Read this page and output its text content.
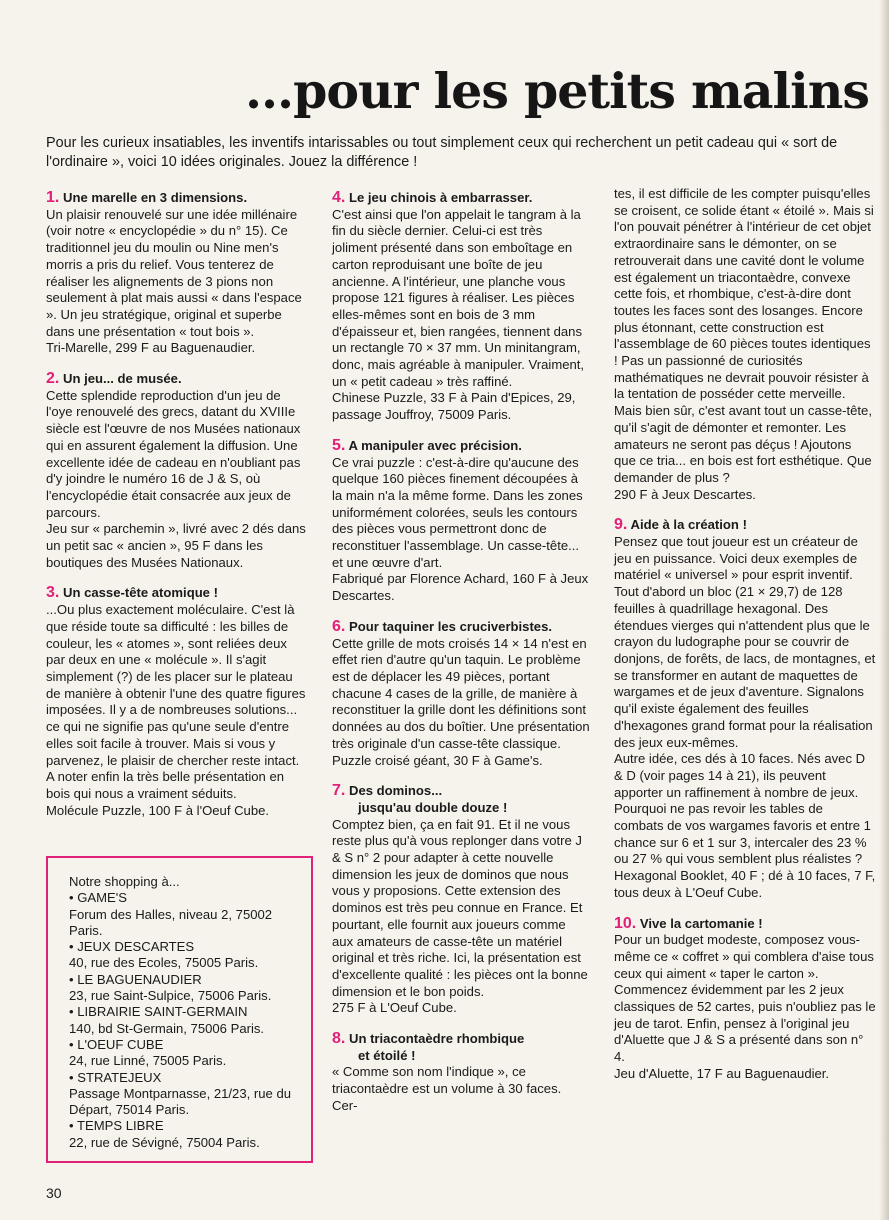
...pour les petits malins

Pour les curieux insatiables, les inventifs intarissables ou tout simplement ceux qui recherchent un petit cadeau qui « sort de l'ordinaire », voici 10 idées originales. Jouez la différence !

1. Une marelle en 3 dimensions.

Un plaisir renouvelé sur une idée millénaire (voir notre « encyclopédie » du n° 15). Ce traditionnel jeu du moulin ou Nine men's morris a pris du relief. Vous tenterez de réaliser les alignements de 3 pions non seulement à plat mais aussi « dans l'espace ». Un jeu stratégique, original et superbe dans une présentation « tout bois ».

Tri-Marelle, 299 F au Baguenaudier.

2. Un jeu... de musée.

Cette splendide reproduction d'un jeu de l'oye renouvelé des grecs, datant du XVIIIe siècle est l'œuvre de nos Musées nationaux qui en assurent également la diffusion. Une excellente idée de cadeau en n'oubliant pas d'y joindre le numéro 16 de J & S, où l'encyclopédie était consacrée aux jeux de parcours.

Jeu sur « parchemin », livré avec 2 dés dans un petit sac « ancien », 95 F dans les boutiques des Musées Nationaux.

3. Un casse-tête atomique !

...Ou plus exactement moléculaire. C'est là que réside toute sa difficulté : les billes de couleur, les « atomes », sont reliées deux par deux en une « molécule ». Il s'agit simplement (?) de les placer sur le plateau de manière à obtenir l'une des quatre figures imposées. Il y a de nombreuses solutions... ce qui ne signifie pas qu'une seule d'entre elles soit facile à trouver. Mais si vous y parvenez, le plaisir de chercher reste intact. A noter enfin la très belle présentation en bois qui nous a vraiment séduits.

Molécule Puzzle, 100 F à l'Oeuf Cube.

4. Le jeu chinois à embarrasser.

C'est ainsi que l'on appelait le tangram à la fin du siècle dernier. Celui-ci est très joliment présenté dans son emboîtage en carton reproduisant une boîte de jeu ancienne. A l'intérieur, une planche vous propose 121 figures à réaliser. Les pièces elles-mêmes sont en bois de 3 mm d'épaisseur et, bien rangées, tiennent dans un rectangle 70 × 37 mm. Un minitangram, donc, mais agréable à manipuler. Vraiment, un « petit cadeau » très raffiné.

Chinese Puzzle, 33 F à Pain d'Epices, 29, passage Jouffroy, 75009 Paris.

5. A manipuler avec précision.

Ce vrai puzzle : c'est-à-dire qu'aucune des quelque 160 pièces finement découpées à la main n'a la même forme. Dans les zones uniformément colorées, seuls les contours des pièces vous permettront donc de reconstituer l'assemblage. Un casse-tête... et une œuvre d'art.

Fabriqué par Florence Achard, 160 F à Jeux Descartes.

6. Pour taquiner les cruciverbistes.

Cette grille de mots croisés 14 × 14 n'est en effet rien d'autre qu'un taquin. Le problème est de déplacer les 49 pièces, portant chacune 4 cases de la grille, de manière à reconstituer la grille dont les définitions sont données au dos du boîtier. Une présentation très originale d'un casse-tête classique.

Puzzle croisé géant, 30 F à Game's.

7. Des dominos...
jusqu'au double douze !

Comptez bien, ça en fait 91. Et il ne vous reste plus qu'à vous replonger dans votre J & S n° 2 pour adapter à cette nouvelle dimension les jeux de dominos que nous vous y proposions. Cette extension des dominos est très peu connue en France. Et pourtant, elle fournit aux joueurs comme aux amateurs de casse-tête un matériel original et très riche. Ici, la présentation est d'excellente qualité : les pièces ont la bonne dimension et le bon poids.

275 F à L'Oeuf Cube.

8. Un triacontaèdre rhombique
et étoilé !

« Comme son nom l'indique », ce triacontaèdre est un volume à 30 faces. Cer-

tes, il est difficile de les compter puisqu'elles se croisent, ce solide étant « étoilé ». Mais si l'on pouvait pénétrer à l'intérieur de cet objet extraordinaire sans le démonter, on se retrouverait dans une cavité dont le volume est également un triacontaèdre, convexe cette fois, et rhombique, c'est-à-dire dont toutes les faces sont des losanges. Encore plus étonnant, cette construction est l'assemblage de 60 pièces toutes identiques ! Pas un passionné de curiosités mathématiques ne devrait pouvoir résister à la tentation de posséder cette merveille. Mais bien sûr, c'est avant tout un casse-tête, qu'il s'agit de démonter et remonter. Les amateurs ne seront pas déçus ! Ajoutons que ce tria... en bois est fort esthétique. Que demander de plus ?

290 F à Jeux Descartes.

9. Aide à la création !

Pensez que tout joueur est un créateur de jeu en puissance. Voici deux exemples de matériel « universel » pour esprit inventif. Tout d'abord un bloc (21 × 29,7) de 128 feuilles à quadrillage hexagonal. Des étendues vierges qui n'attendent plus que le crayon du ludographe pour se couvrir de donjons, de forêts, de lacs, de montagnes, et se transformer en autant de maquettes de wargames et de jeux d'aventure. Signalons qu'il existe également des feuilles d'hexagones grand format pour la réalisation des jeux eux-mêmes.

Autre idée, ces dés à 10 faces. Nés avec D & D (voir pages 14 à 21), ils peuvent apporter un raffinement à nombre de jeux. Pourquoi ne pas revoir les tables de combats de vos wargames favoris et entre 1 chance sur 6 et 1 sur 3, intercaler des 23 % ou 27 % qui vous semblent plus réalistes ?

Hexagonal Booklet, 40 F ; dé à 10 faces, 7 F, tous deux à L'Oeuf Cube.

10. Vive la cartomanie !

Pour un budget modeste, composez vous-même ce « coffret » qui comblera d'aise tous ceux qui aiment « taper le carton ».

Commencez évidemment par les 2 jeux classiques de 52 cartes, puis n'oubliez pas le jeu de tarot. Enfin, pensez à l'original jeu d'Aluette que J & S a présenté dans son n° 4.

Jeu d'Aluette, 17 F au Baguenaudier.

Notre shopping à...

• GAME'S

Forum des Halles, niveau 2, 75002 Paris.

• JEUX DESCARTES

40, rue des Ecoles, 75005 Paris.

• LE BAGUENAUDIER

23, rue Saint-Sulpice, 75006 Paris.

• LIBRAIRIE SAINT-GERMAIN

140, bd St-Germain, 75006 Paris.

• L'OEUF CUBE

24, rue Linné, 75005 Paris.

• STRATEJEUX

Passage Montparnasse, 21/23, rue du Départ, 75014 Paris.

• TEMPS LIBRE

22, rue de Sévigné, 75004 Paris.

30
